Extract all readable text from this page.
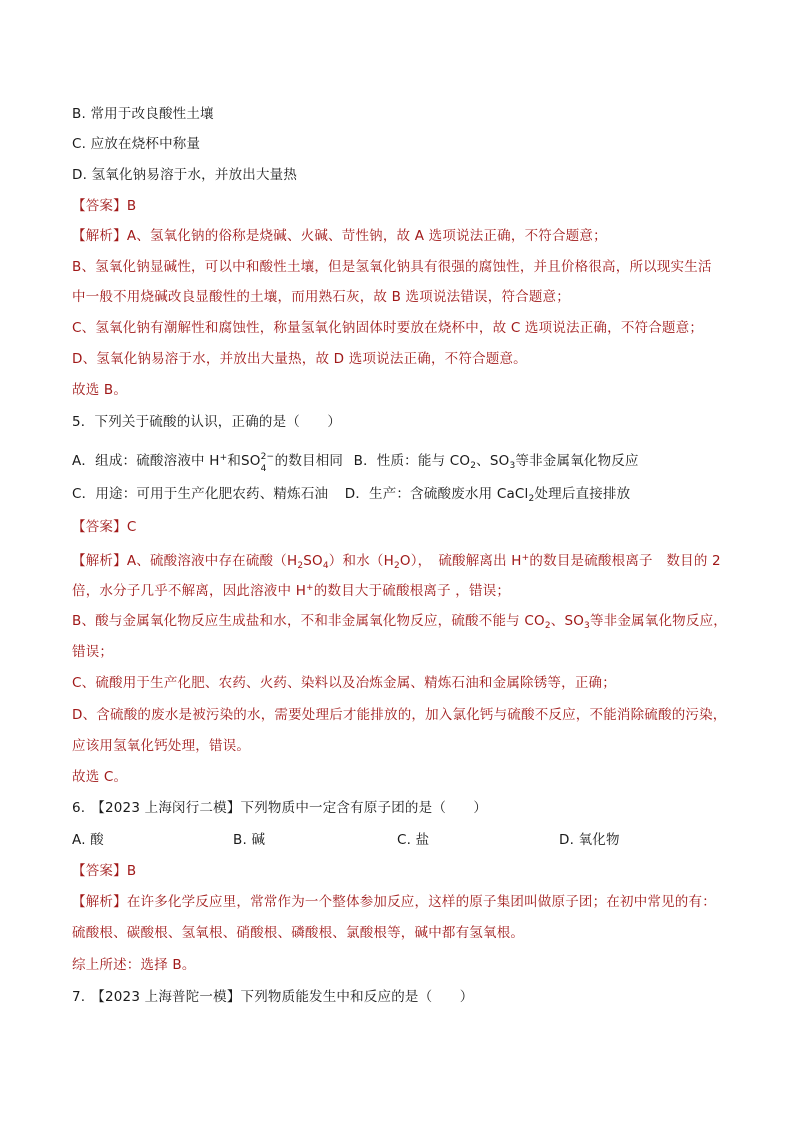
B. 常用于改良酸性土壤
C. 应放在烧杯中称量
D. 氢氧化钠易溶于水，并放出大量热
【答案】B
【解析】A、氢氧化钠的俗称是烧碱、火碱、苛性钠，故 A 选项说法正确，不符合题意；
B、氢氧化钠显碱性，可以中和酸性土壤，但是氢氧化钠具有很强的腐蚀性，并且价格很高，所以现实生活
中一般不用烧碱改良显酸性的土壤，而用熟石灰，故 B 选项说法错误，符合题意；
C、氢氧化钠有潮解性和腐蚀性，称量氢氧化钠固体时要放在烧杯中，故 C 选项说法正确，不符合题意；
D、氢氧化钠易溶于水，并放出大量热，故 D 选项说法正确，不符合题意。
故选 B。
5．下列关于硫酸的认识，正确的是（　　）
A．组成：硫酸溶液中 H+和SO 2−
4 的数目相同 B．性质：能与 $CO_2$、$SO_3$等非金属氧化物反应
C．用途：可用于生产化肥农药、精炼石油 D．生产：含硫酸废水用 CaCl$_2$处理后直接排放
【答案】C
【解析】A、硫酸溶液中存在硫酸$(H_2SO_4)$和水$(H_2O)$，　硫酸解离出 H+的数目是硫酸根离子　数目的 2
倍，水分子几乎不解离，因此溶液中 H+的数目大于硫酸根离子 ，错误；
B、酸与金属氧化物反应生成盐和水，不和非金属氧化物反应，硫酸不能与 $CO_2$、$SO_3$等非金属氧化物反应，
错误；
C、硫酸用于生产化肥、农药、火药、染料以及冶炼金属、精炼石油和金属除锈等，正确；
D、含硫酸的废水是被污染的水，需要处理后才能排放的，加入氯化钙与硫酸不反应，不能消除硫酸的污染，
应该用氢氧化钙处理，错误。
故选 C。
6. 【2023 上海闵行二模】下列物质中一定含有原子团的是（　　）
A. 酸	B. 碱	C. 盐	D. 氧化物
【答案】B
【解析】在许多化学反应里，常常作为一个整体参加反应，这样的原子集团叫做原子团；在初中常见的有：
硫酸根、碳酸根、氢氧根、硝酸根、磷酸根、氯酸根等，碱中都有氢氧根。
综上所述：选择 B。
7. 【2023 上海普陀一模】下列物质能发生中和反应的是（　　）
